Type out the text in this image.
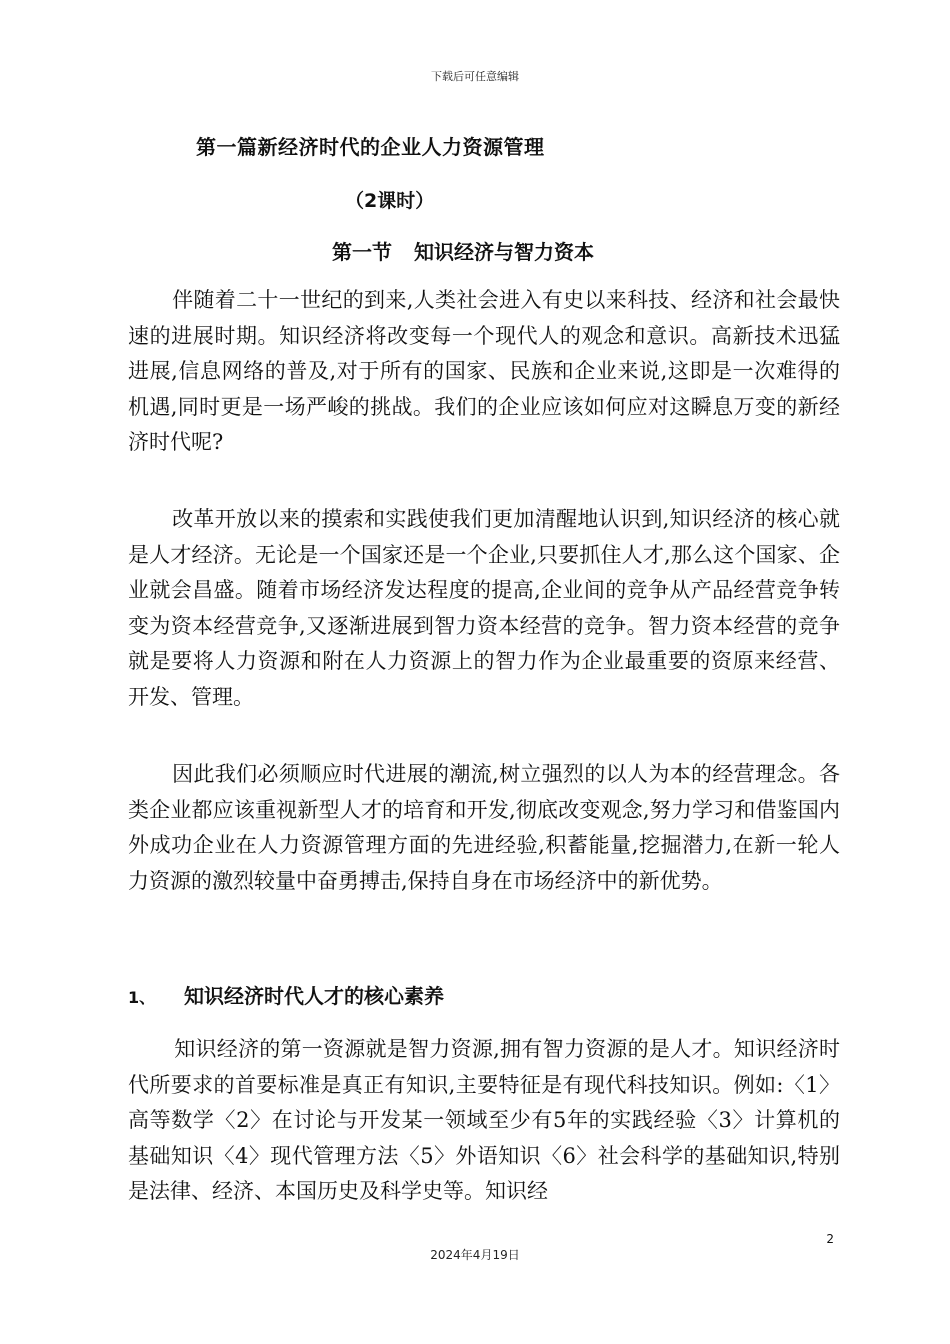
下载后可任意编辑
第一篇新经济时代的企业人力资源管理
（2课时）
第一节 知识经济与智力资本

伴随着二十一世纪的到来,人类社会进入有史以来科技、经济和社会最快速的进展时期。知识经济将改变每一个现代人的观念和意识。高新技术迅猛进展,信息网络的普及,对于所有的国家、民族和企业来说,这即是一次难得的机遇,同时更是一场严峻的挑战。我们的企业应该如何应对这瞬息万变的新经济时代呢?

改革开放以来的摸索和实践使我们更加清醒地认识到,知识经济的核心就是人才经济。无论是一个国家还是一个企业,只要抓住人才,那么这个国家、企业就会昌盛。随着市场经济发达程度的提高,企业间的竞争从产品经营竞争转变为资本经营竞争,又逐渐进展到智力资本经营的竞争。智力资本经营的竞争就是要将人力资源和附在人力资源上的智力作为企业最重要的资原来经营、开发、管理。

因此我们必须顺应时代进展的潮流,树立强烈的以人为本的经营理念。各类企业都应该重视新型人才的培育和开发,彻底改变观念,努力学习和借鉴国内外成功企业在人力资源管理方面的先进经验,积蓄能量,挖掘潜力,在新一轮人力资源的激烈较量中奋勇搏击,保持自身在市场经济中的新优势。

1、 知识经济时代人才的核心素养

知识经济的第一资源就是智力资源,拥有智力资源的是人才。知识经济时代所要求的首要标准是真正有知识,主要特征是有现代科技知识。例如:〈1〉高等数学〈2〉在讨论与开发某一领域至少有5年的实践经验〈3〉计算机的基础知识〈4〉现代管理方法〈5〉外语知识〈6〉社会科学的基础知识,特别是法律、经济、本国历史及科学史等。知识经

2
2024年4月19日
